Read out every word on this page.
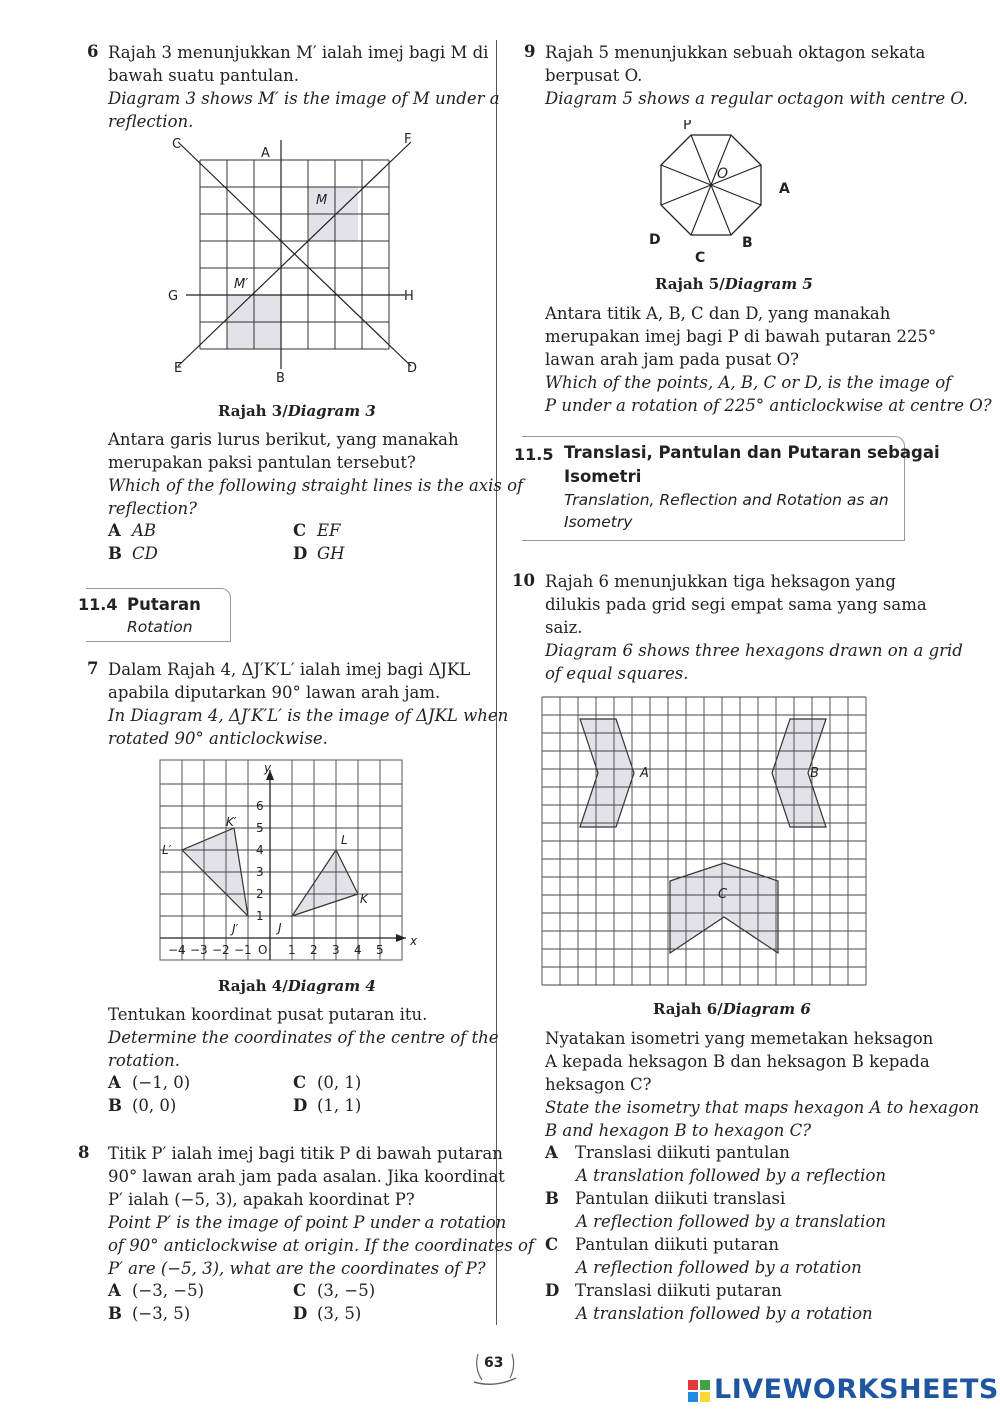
6 Rajah 3 menunjukkan M′ ialah imej bagi M di
bawah suatu pantulan.
Diagram 3 shows M′ is the image of M under a
reflection.
C
A
F
M
G
M′
H
E
B
D
Rajah 3/Diagram 3
Antara garis lurus berikut, yang manakah
merupakan paksi pantulan tersebut?
Which of the following straight lines is the axis of
reflection?
A AB	C EF
B CD	D GH
11.4 Putaran
Rotation
7 Dalam Rajah 4, ΔJ′K′L′ ialah imej bagi ΔJKL
apabila diputarkan 90° lawan arah jam.
In Diagram 4, ΔJ′K′L′ is the image of ΔJKL when
rotated 90° anticlockwise.
y
x
O
−4 −3 −2 −1	1 2 3 4 5
1
2
3
4
5
6
K
L
J
K′
L′
J′
Rajah 4/Diagram 4
Tentukan koordinat pusat putaran itu.
Determine the coordinates of the centre of the
rotation.
A (−1, 0)	C (0, 1)
B (0, 0)	D (1, 1)
8 Titik P′ ialah imej bagi titik P di bawah putaran
90° lawan arah jam pada asalan. Jika koordinat
P′ ialah (−5, 3), apakah koordinat P?
Point P′ is the image of point P under a rotation
of 90° anticlockwise at origin. If the coordinates of
P′ are (−5, 3), what are the coordinates of P?
A (−3, −5)	C (3, −5)
B (−3, 5)	D (3, 5)
9 Rajah 5 menunjukkan sebuah oktagon sekata
berpusat O.
Diagram 5 shows a regular octagon with centre O.
P
O
A
B
C
D
Rajah 5/Diagram 5
Antara titik A, B, C dan D, yang manakah
merupakan imej bagi P di bawah putaran 225°
lawan arah jam pada pusat O?
Which of the points, A, B, C or D, is the image of
P under a rotation of 225° anticlockwise at centre O?
11.5 Translasi, Pantulan dan Putaran sebagai
Isometri
Translation, Reflection and Rotation as an
Isometry
10 Rajah 6 menunjukkan tiga heksagon yang
dilukis pada grid segi empat sama yang sama
saiz.
Diagram 6 shows three hexagons drawn on a grid
of equal squares.
A	B
C
Rajah 6/Diagram 6
Nyatakan isometri yang memetakan heksagon
A kepada heksagon B dan heksagon B kepada
heksagon C?
State the isometry that maps hexagon A to hexagon
B and hexagon B to hexagon C?
A Translasi diikuti pantulan
A translation followed by a reflection
B Pantulan diikuti translasi
A reflection followed by a translation
C Pantulan diikuti putaran
A reflection followed by a rotation
D Translasi diikuti putaran
A translation followed by a rotation
63
LIVEWORKSHEETS
